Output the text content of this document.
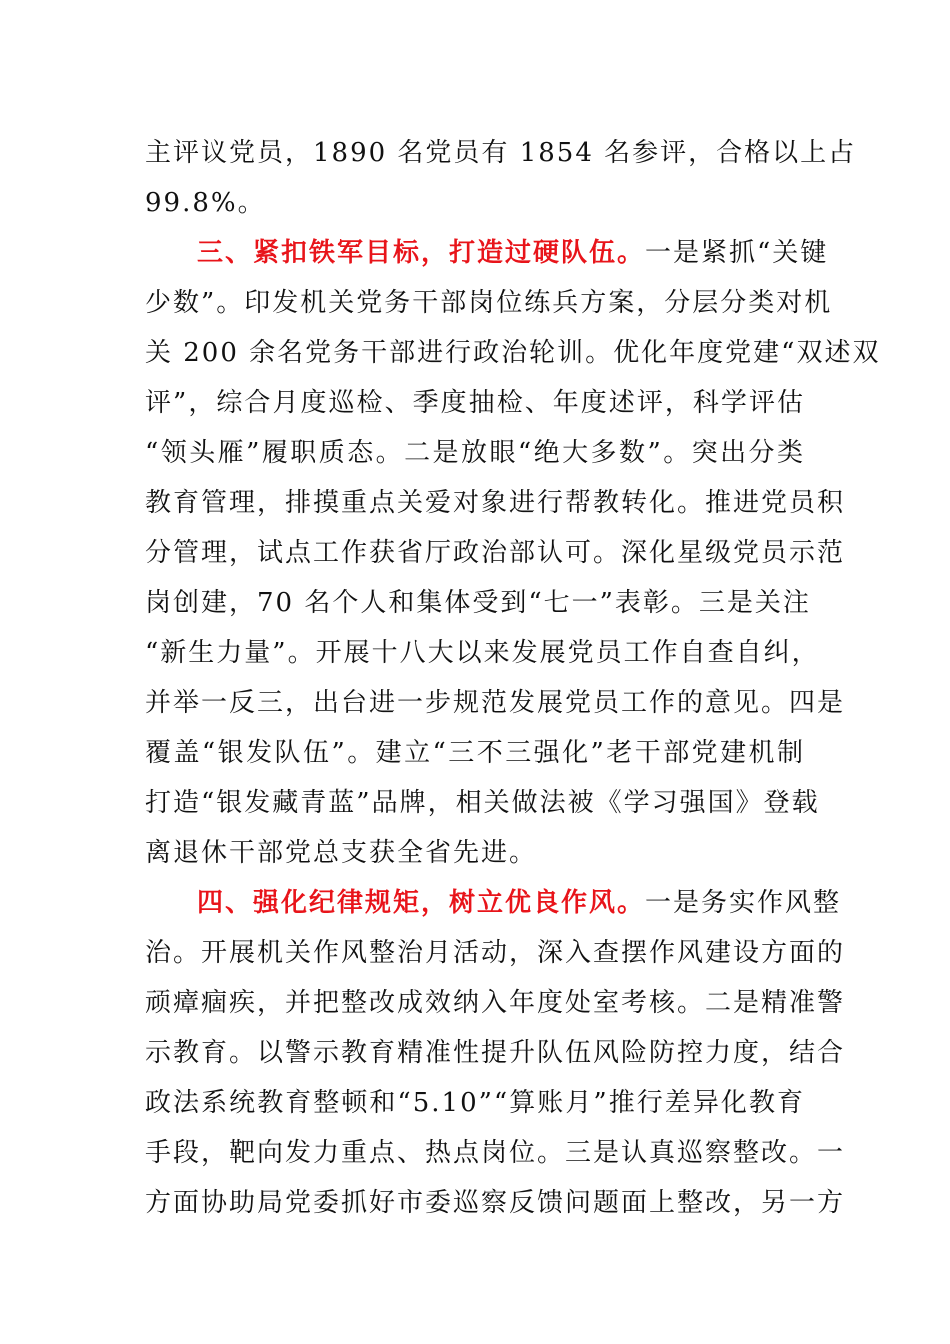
主评议党员，1890 名党员有 1854 名参评，合格以上占
99.8%。
三、紧扣铁军目标，打造过硬队伍。一是紧抓“关键
少数”。印发机关党务干部岗位练兵方案，分层分类对机
关 200 余名党务干部进行政治轮训。优化年度党建“双述双
评”，综合月度巡检、季度抽检、年度述评，科学评估
“领头雁”履职质态。二是放眼“绝大多数”。突出分类
教育管理，排摸重点关爱对象进行帮教转化。推进党员积
分管理，试点工作获省厅政治部认可。深化星级党员示范
岗创建，70 名个人和集体受到“七一”表彰。三是关注
“新生力量”。开展十八大以来发展党员工作自查自纠，
并举一反三，出台进一步规范发展党员工作的意见。四是
覆盖“银发队伍”。建立“三不三强化”老干部党建机制
打造“银发藏青蓝”品牌，相关做法被《学习强国》登载
离退休干部党总支获全省先进。
四、强化纪律规矩，树立优良作风。一是务实作风整
治。开展机关作风整治月活动，深入查摆作风建设方面的
顽瘴痼疾，并把整改成效纳入年度处室考核。二是精准警
示教育。以警示教育精准性提升队伍风险防控力度，结合
政法系统教育整顿和“5.10”“算账月”推行差异化教育
手段，靶向发力重点、热点岗位。三是认真巡察整改。一
方面协助局党委抓好市委巡察反馈问题面上整改，另一方
